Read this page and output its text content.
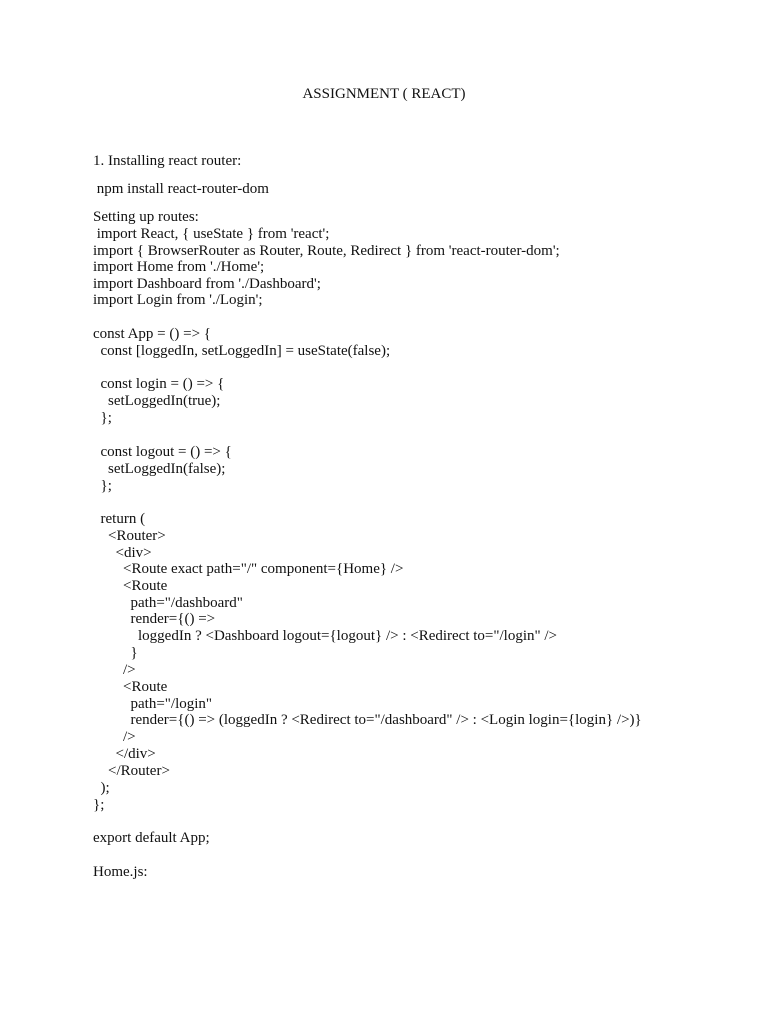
ASSIGNMENT ( REACT)

1. Installing react router:

npm install react-router-dom

Setting up routes:

import React, { useState } from 'react';

import { BrowserRouter as Router, Route, Redirect } from 'react-router-dom';

import Home from './Home';

import Dashboard from './Dashboard';

import Login from './Login';

const App = () => {

const [loggedIn, setLoggedIn] = useState(false);

const login = () => {

setLoggedIn(true);

};

const logout = () => {

setLoggedIn(false);

};

return (

<Router>

<div>

<Route exact path="/" component={Home} />

<Route

path="/dashboard"

render={() =>

loggedIn ? <Dashboard logout={logout} /> : <Redirect to="/login" />

}

/>

<Route

path="/login"

render={() => (loggedIn ? <Redirect to="/dashboard" /> : <Login login={login} />)}

/>

</div>

</Router>

);

};

export default App;

Home.js:
